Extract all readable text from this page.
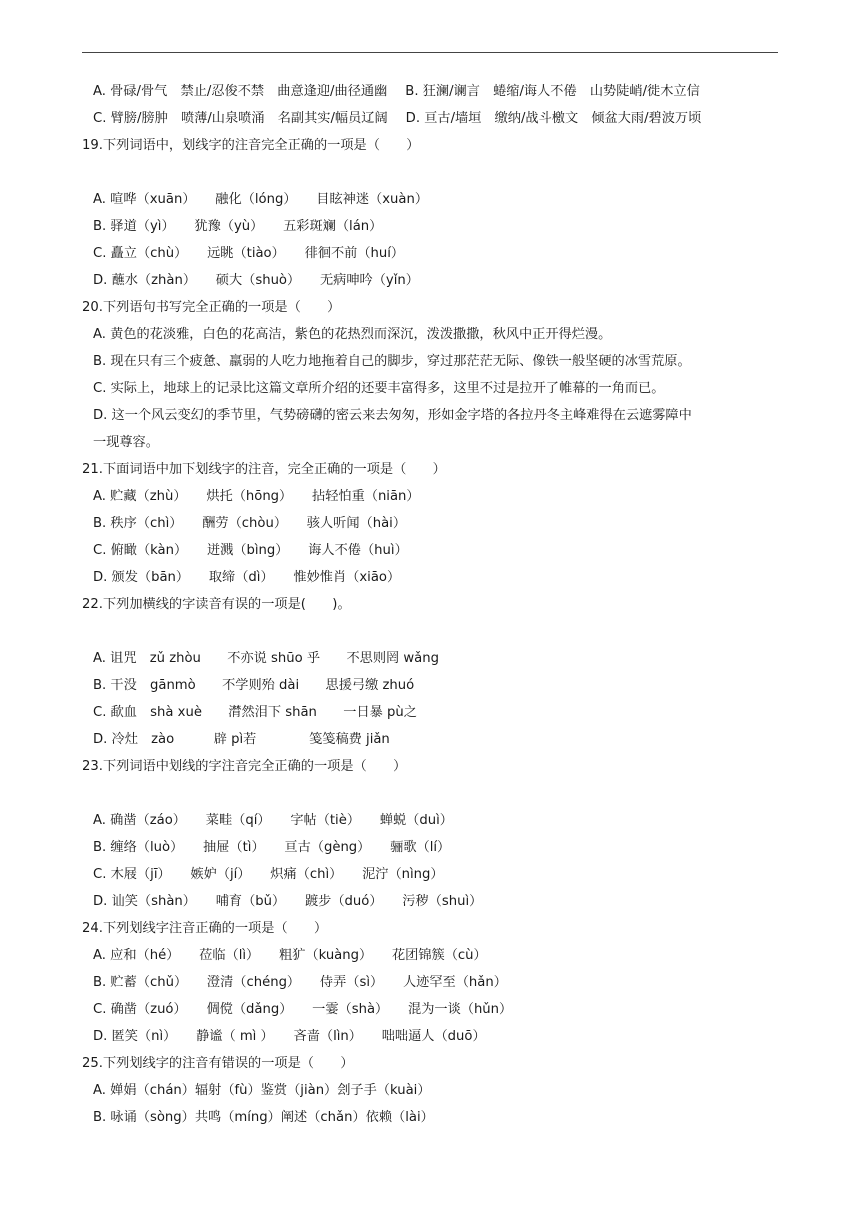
A. 骨碌/骨气　禁止/忍俊不禁　曲意逢迎/曲径通幽 B. 狂澜/谰言　蜷缩/诲人不倦　山势陡峭/徙木立信
C. 臂膀/膀肿　喷薄/山泉喷涌　名副其实/幅员辽阔 D. 亘古/墙垣　缴纳/战斗檄文　倾盆大雨/碧波万顷
19.下列词语中，划线字的注音完全正确的一项是（　　）
A. 喧哗（xuān）　　融化（lóng）　　目眩神迷（xuàn）
B. 驿道（yì）　　犹豫（yù）　　五彩斑斓（lán）
C. 矗立（chù）　　远眺（tiào）　　徘徊不前（huí）
D. 蘸水（zhàn）　　硕大（shuò）　　无病呻吟（yǐn）
20.下列语句书写完全正确的一项是（　　）
A. 黄色的花淡雅，白色的花高洁，紫色的花热烈而深沉，泼泼撒撒，秋风中正开得烂漫。
B. 现在只有三个疲惫、羸弱的人吃力地拖着自己的脚步，穿过那茫茫无际、像铁一般坚硬的冰雪荒原。
C. 实际上，地球上的记录比这篇文章所介绍的还要丰富得多，这里不过是拉开了帷幕的一角而已。
D. 这一个风云变幻的季节里，气势磅礴的密云来去匆匆，形如金字塔的各拉丹冬主峰难得在云遮雾障中
一现尊容。
21.下面词语中加下划线字的注音，完全正确的一项是（　　）
A. 贮藏（zhù）　　烘托（hōng）　　拈轻怕重（niān）
B. 秩序（chì）　　酬劳（chòu）　　骇人听闻（hài）
C. 俯瞰（kàn）　　迸溅（bìng）　　诲人不倦（huì）
D. 颁发（bān）　　取缔（dì）　　惟妙惟肖（xiāo）
22.下列加横线的字读音有误的一项是(　　)。
A. 诅咒　zǔ zhòu　　不亦说 shūo 乎　　不思则罔 wǎng
B. 干没　gānmò　　不学则殆 dài　　思援弓缴 zhuó
C. 歃血　shà xuè　　潸然泪下 shān　　一日暴 pù之
D. 冷灶　zào　　　辟 pì若　　　　笺笺稿费 jiǎn
23.下列词语中划线的字注音完全正确的一项是（　　）
A. 确凿（záo）　　菜畦（qí）　　字帖（tiè）　　蝉蜕（duì）
B. 缠络（luò）　　抽屉（tì）　　亘古（gèng）　　骊歌（lí）
C. 木屐（jī）　　嫉妒（jí）　　炽痛（chì）　　泥泞（nìng）
D. 讪笑（shàn）　　哺育（bǔ）　　踱步（duó）　　污秽（shuì）
24.下列划线字注音正确的一项是（　　）
A. 应和（hé）　　莅临（lì）　　粗犷（kuàng）　　花团锦簇（cù）
B. 贮蓄（chǔ）　　澄清（chéng）　　侍弄（sì）　　人迹罕至（hǎn）
C. 确凿（zuó）　　倜傥（dǎng）　　一霎（shà）　　混为一谈（hǔn）
D. 匿笑（nì）　　静谧（ mì ）　　吝啬（lìn）　　咄咄逼人（duō）
25.下列划线字的注音有错误的一项是（　　）
A. 婵娟（chán）辐射（fù）鉴赏（jiàn）刽子手（kuài）
B. 咏诵（sòng）共鸣（míng）阐述（chǎn）依赖（lài）
